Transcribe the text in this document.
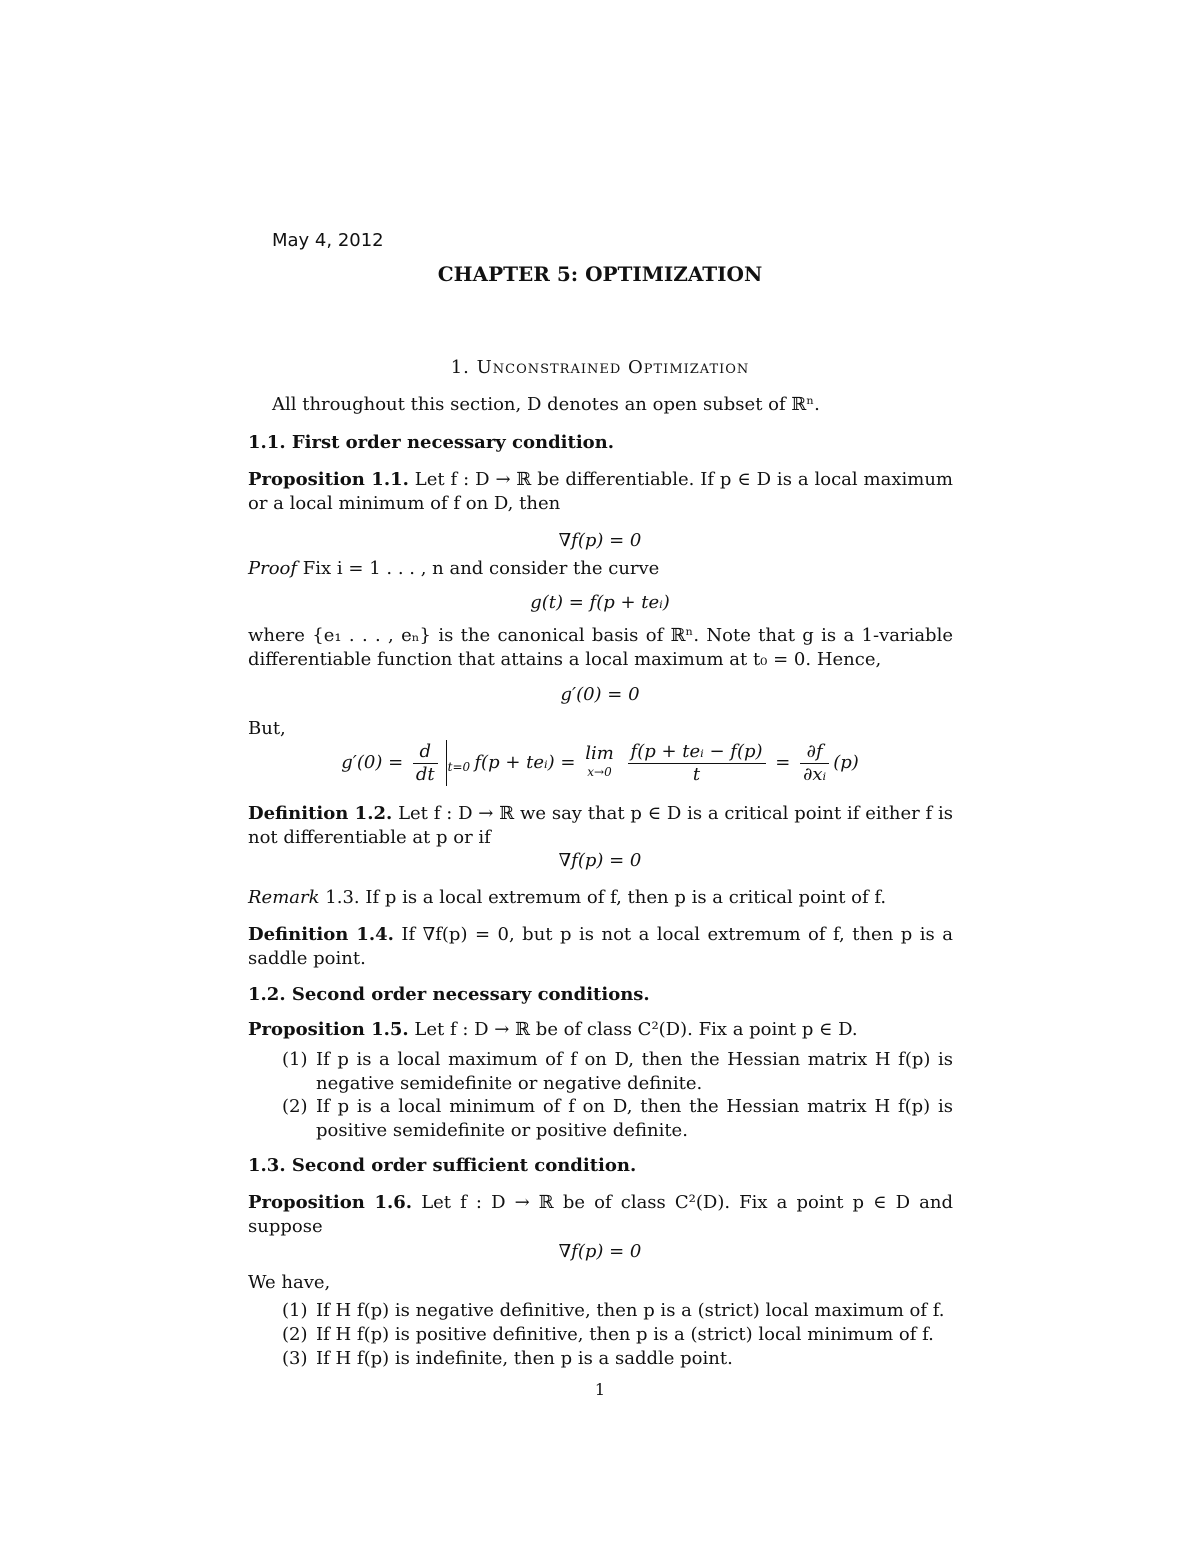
May 4, 2012
CHAPTER 5: OPTIMIZATION
1. Unconstrained Optimization
All throughout this section, D denotes an open subset of ℝⁿ.
1.1. First order necessary condition.
Proposition 1.1. Let f : D → ℝ be differentiable. If p ∈ D is a local maximum or a local minimum of f on D, then
∇f(p) = 0
Proof Fix i = 1 . . . , n and consider the curve
g(t) = f(p + teᵢ)
where {e₁ . . . , eₙ} is the canonical basis of ℝⁿ. Note that g is a 1-variable differentiable function that attains a local maximum at t₀ = 0. Hence,
g′(0) = 0
But,
$g'(0) = \frac{d}{dt} t=0$ f(p + teᵢ) = lim
x→0
$\frac{\text{f(p + teᵢ − f(p)}}{t} = \frac{\partial f}{\text{∂xᵢ}} (p)$
Definition 1.2. Let f : D → ℝ we say that p ∈ D is a critical point if either f is not differentiable at p or if
∇f(p) = 0
Remark 1.3. If p is a local extremum of f, then p is a critical point of f.
Definition 1.4. If ∇f(p) = 0, but p is not a local extremum of f, then p is a saddle point.
1.2. Second order necessary conditions.
Proposition 1.5. Let f : D → ℝ be of class C²(D). Fix a point p ∈ D.
(1) If p is a local maximum of f on D, then the Hessian matrix H f(p) is negative semidefinite or negative definite.
(2) If p is a local minimum of f on D, then the Hessian matrix H f(p) is positive semidefinite or positive definite.
1.3. Second order sufficient condition.
Proposition 1.6. Let f : D → ℝ be of class C²(D). Fix a point p ∈ D and suppose
∇f(p) = 0
We have,
(1) If H f(p) is negative definitive, then p is a (strict) local maximum of f.
(2) If H f(p) is positive definitive, then p is a (strict) local minimum of f.
(3) If H f(p) is indefinite, then p is a saddle point.
1
